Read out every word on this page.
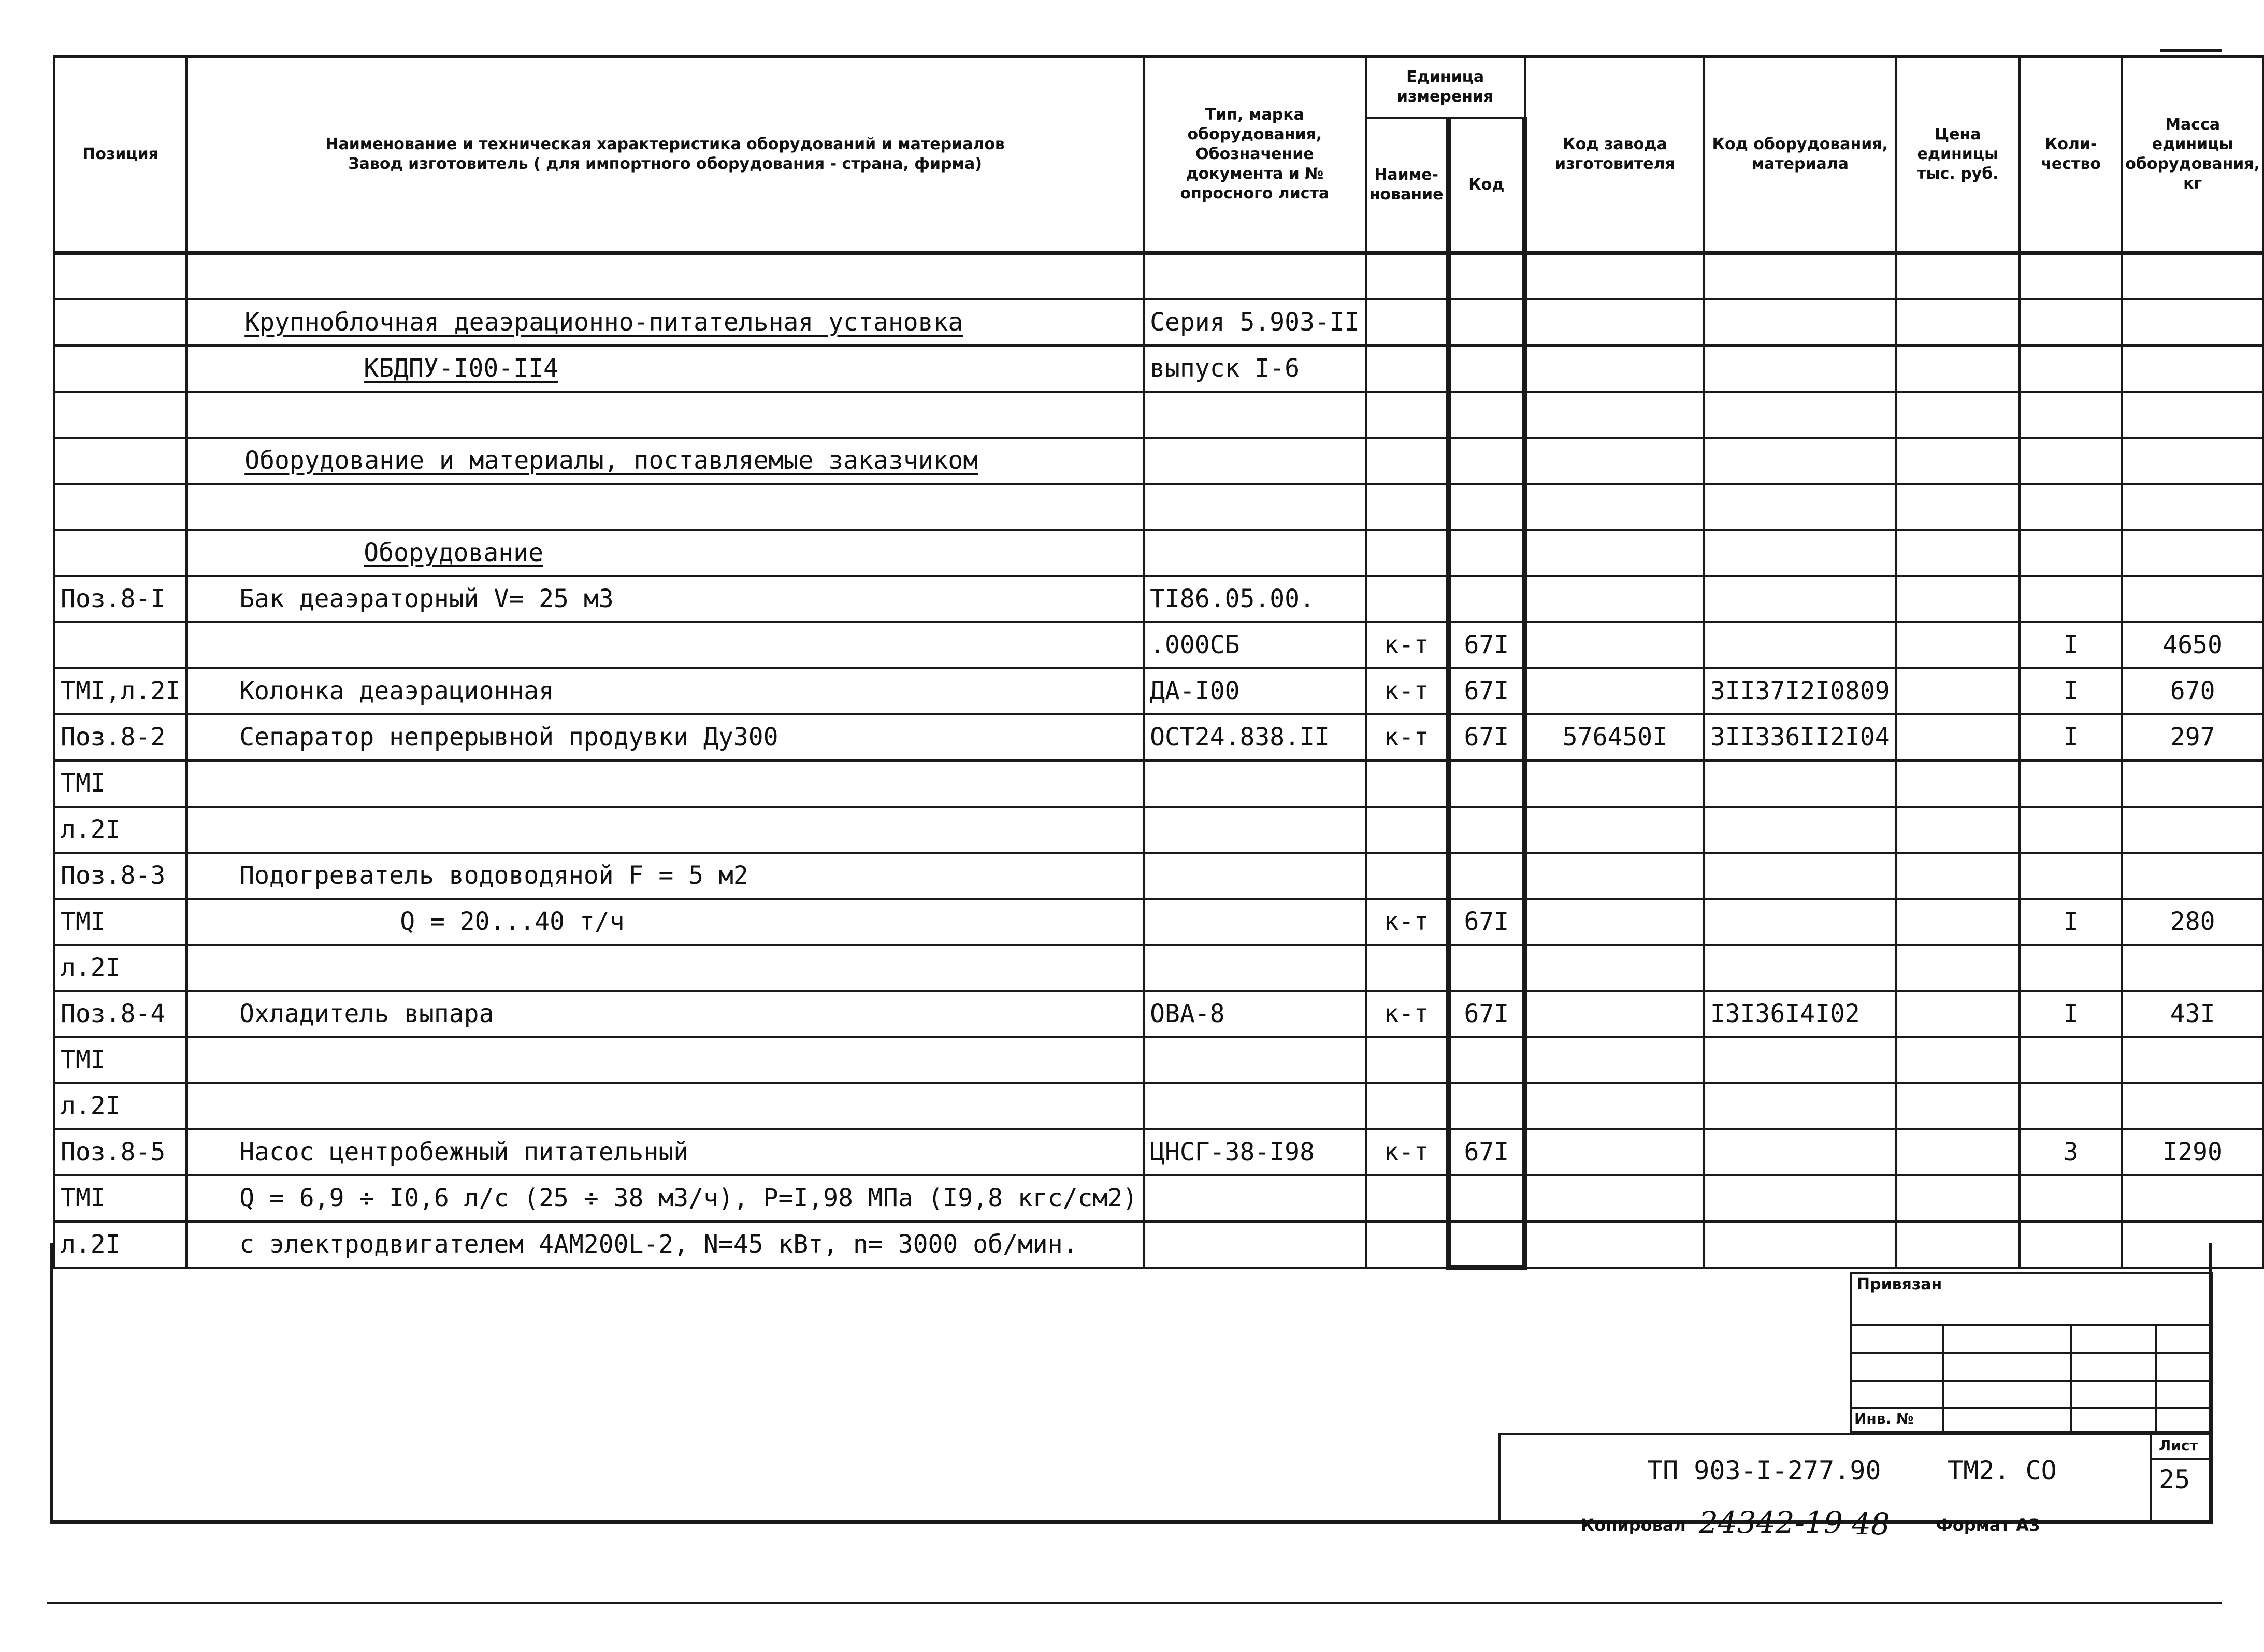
Позиция	Наименование и техническая характеристика оборудований и материалов
Завод изготовитель ( для импортного оборудования - страна, фирма)	Тип, марка оборудования, Обозначение документа и № опросного листа	Единица измерения		Код завода изготовителя	Код оборудования, материала	Цена единицы тыс. руб.	Коли-чество	Масса единицы оборудования, кг
			Наиме-нование	Код					

	Крупноблочная деаэрационно-питательная установка	Серия 5.903-II							
	КБДПУ-I00-II4	выпуск I-6							

	Оборудование и материалы, поставляемые заказчиком								

	Оборудование								
Поз.8-I	Бак деаэраторный V= 25 м3	TI86.05.00.							
		.000СБ	к-т	67I				I	4650
ТМI,л.2I	Колонка деаэрационная	ДА-I00	к-т	67I		3II37I2I0809		I	670
Поз.8-2	Сепаратор непрерывной продувки Ду300	ОСТ24.838.II	к-т	67I	576450I	3II336II2I04		I	297
ТМI									
л.2I									
Поз.8-3	Подогреватель водоводяной F = 5 м2								
ТМI	Q = 20...40 т/ч		к-т	67I				I	280
л.2I									
Поз.8-4	Охладитель выпара	ОВА-8	к-т	67I		I3I36I4I02		I	43I
ТМI									
л.2I									
Поз.8-5	Насос центробежный питательный	ЦНСГ-38-I98	к-т	67I				3	I290
ТМI	Q = 6,9 ÷ I0,6 л/с (25 ÷ 38 м3/ч), P=I,98 МПа (I9,8 кгс/см2)								
л.2I	с электродвигателем 4АМ200L-2, N=45 кВт, n= 3000 об/мин.								
Привязан
Инв. №
ТП 903-I-277.90	ТМ2. СО
Лист
25
Копировал 24342-19 48	Формат А3
